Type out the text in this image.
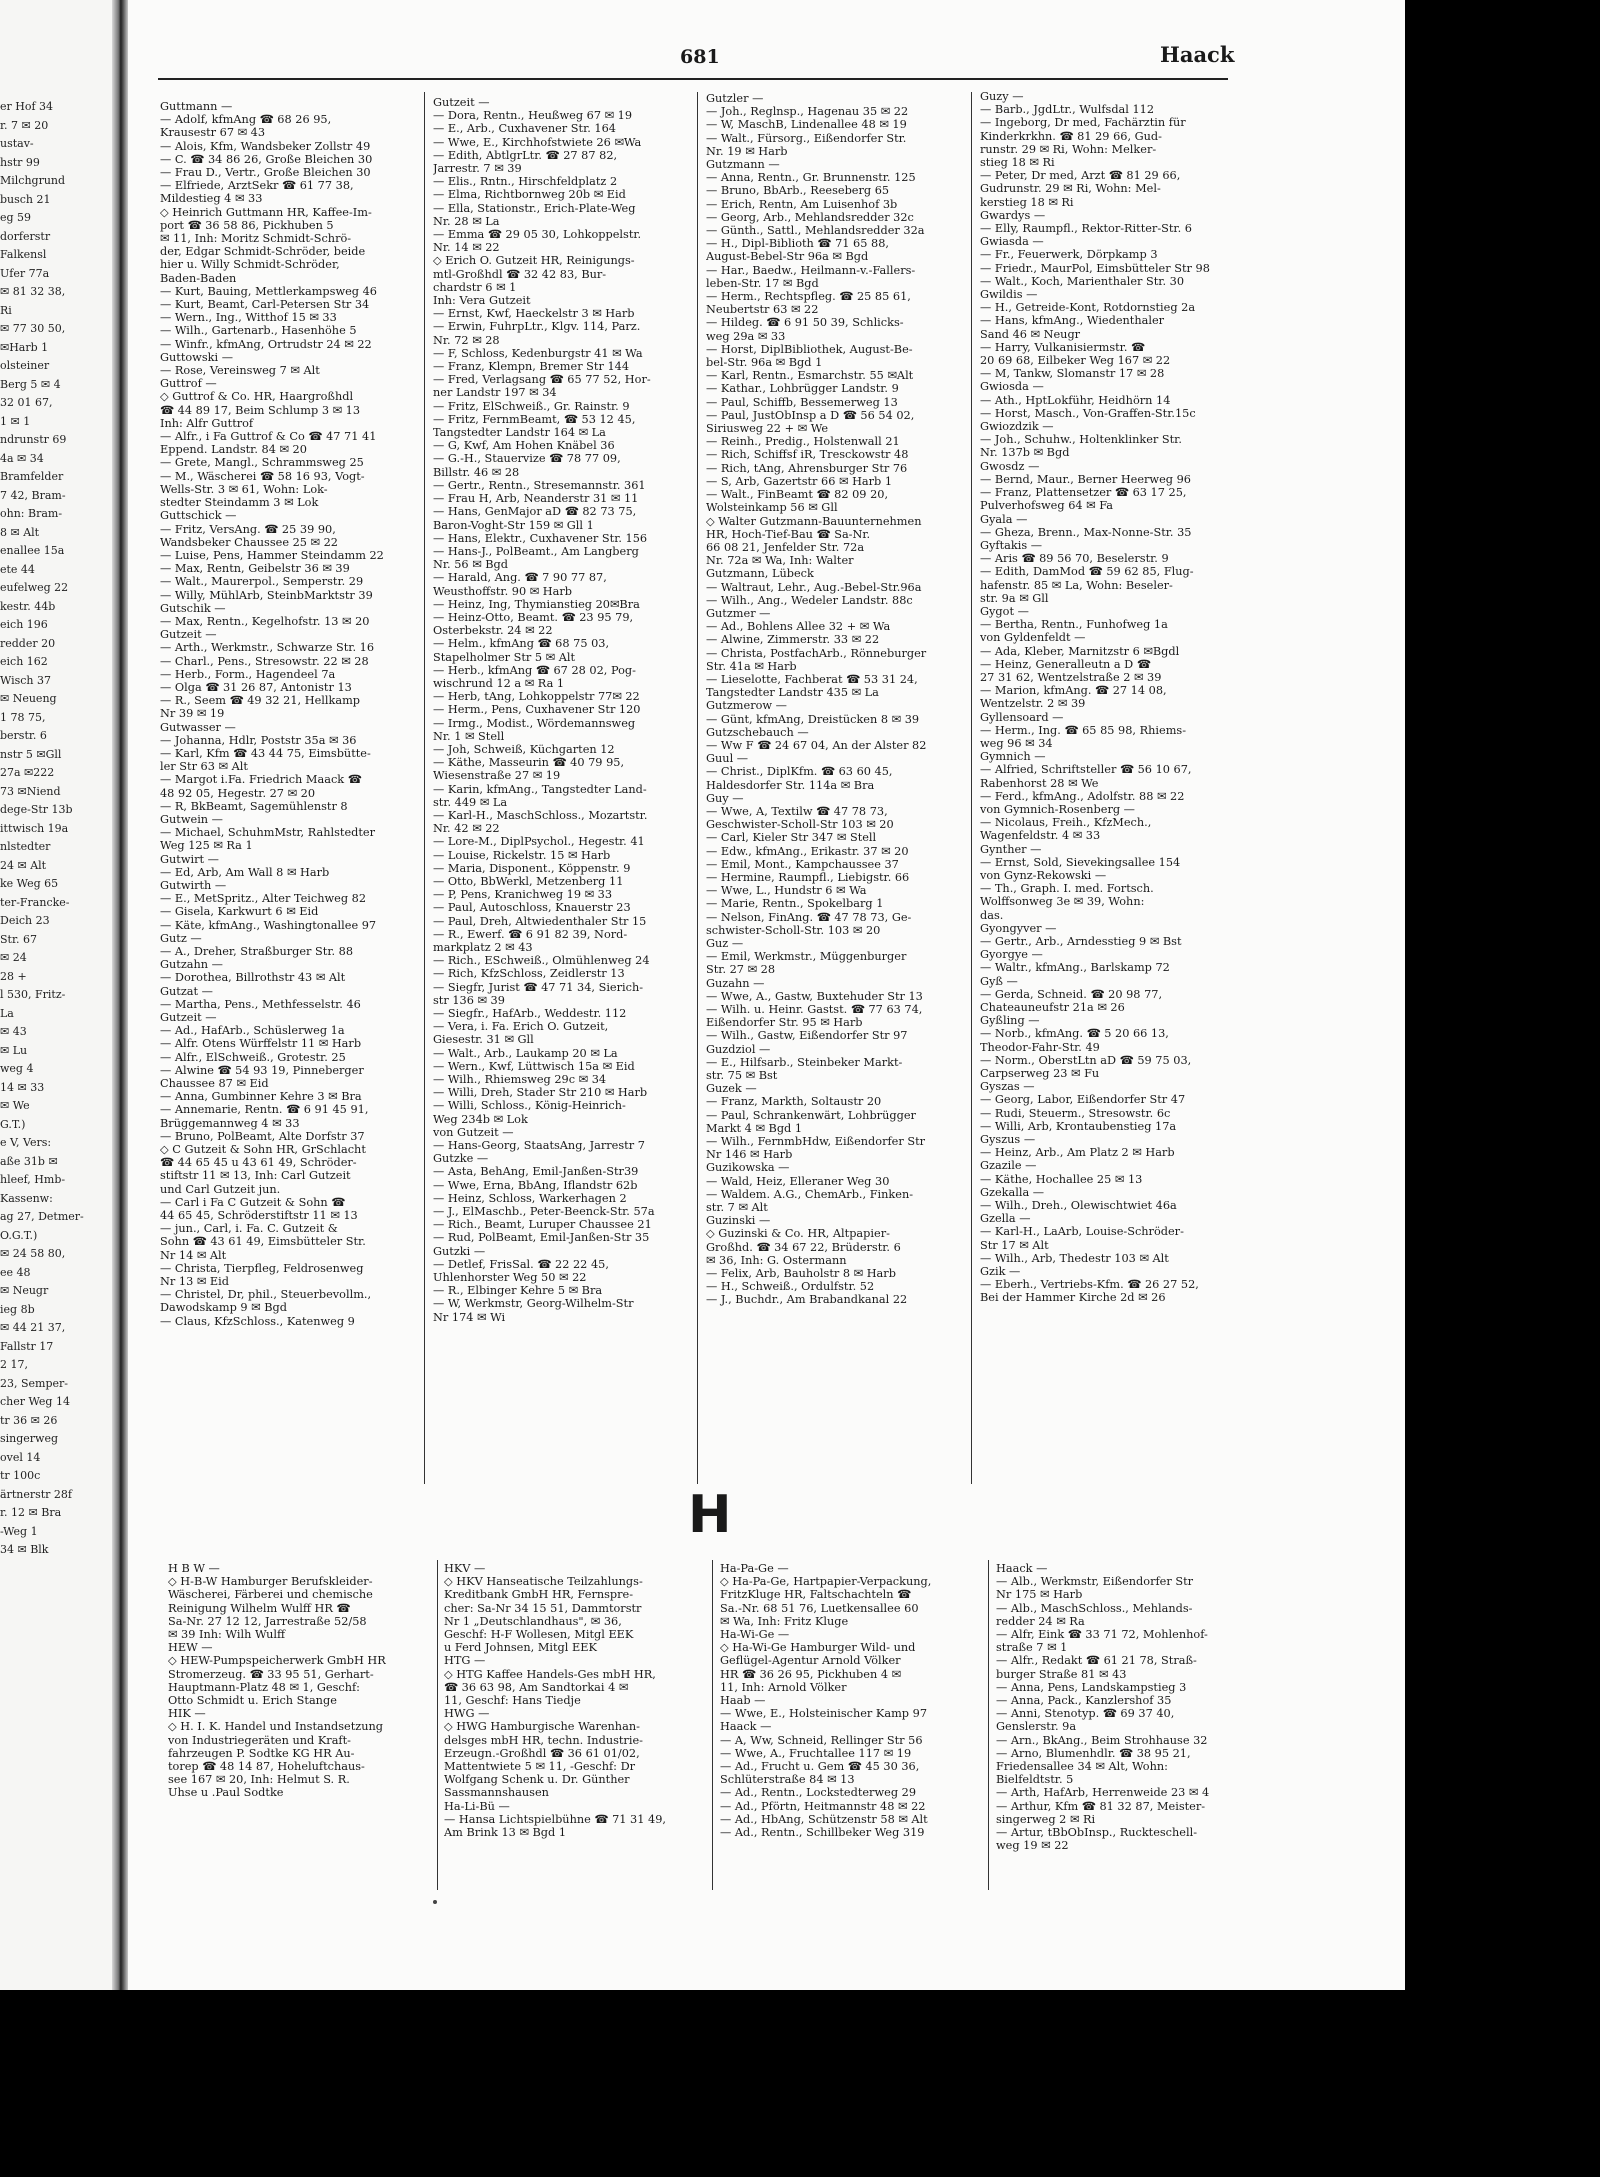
er Hof 34
r. 7 ✉ 20
ustav-
hstr 99
Milchgrund
busch 21
eg 59
dorferstr
Falkensl
Ufer 77a
✉ 81 32 38,
Ri
✉ 77 30 50,
✉Harb 1
olsteiner
Berg 5 ✉ 4
32 01 67,
1 ✉ 1
ndrunstr 69
4a ✉ 34
Bramfelder
7 42, Bram-
ohn: Bram-
8 ✉ Alt
enallee 15a
ete 44
eufelweg 22
kestr. 44b
eich 196
redder 20
eich 162
Wisch 37
✉ Neueng
1 78 75,
berstr. 6
nstr 5 ✉Gll
27a ✉222
73 ✉Niend
dege-Str 13b
ittwisch 19a
nlstedter
24 ✉ Alt
ke Weg 65
ter-Francke-
Deich 23
Str. 67
✉ 24
28 +
l 530, Fritz-
La
✉ 43
✉ Lu
weg 4
14 ✉ 33
✉ We
G.T.)
e V, Vers:
aße 31b ✉
hleef, Hmb-
Kassenw:
ag 27, Detmer-
O.G.T.)
✉ 24 58 80,
ee 48
✉ Neugr
ieg 8b
✉ 44 21 37,
Fallstr 17
2 17,
23, Semper-
cher Weg 14
tr 36 ✉ 26
singerweg
ovel 14
tr 100c
ärtnerstr 28f
r. 12 ✉ Bra
-Weg 1
34 ✉ Blk
681	Haack
Guttmann —
— Adolf, kfmAng ☎ 68 26 95,
Krausestr 67 ✉ 43
— Alois, Kfm, Wandsbeker Zollstr 49
— C. ☎ 34 86 26, Große Bleichen 30
— Frau D., Vertr., Große Bleichen 30
— Elfriede, ArztSekr ☎ 61 77 38,
Mildestieg 4 ✉ 33
◇ Heinrich Guttmann HR, Kaffee-Im-
port ☎ 36 58 86, Pickhuben 5
✉ 11, Inh: Moritz Schmidt-Schrö-
der, Edgar Schmidt-Schröder, beide
hier u. Willy Schmidt-Schröder,
Baden-Baden
— Kurt, Bauing, Mettlerkampsweg 46
— Kurt, Beamt, Carl-Petersen Str 34
— Wern., Ing., Witthof 15 ✉ 33
— Wilh., Gartenarb., Hasenhöhe 5
— Winfr., kfmAng, Ortrudstr 24 ✉ 22
Guttowski —
— Rose, Vereinsweg 7 ✉ Alt
Guttrof —
◇ Guttrof & Co. HR, Haargroßhdl
☎ 44 89 17, Beim Schlump 3 ✉ 13
Inh: Alfr Guttrof
— Alfr., i Fa Guttrof & Co ☎ 47 71 41
Eppend. Landstr. 84 ✉ 20
— Grete, Mangl., Schrammsweg 25
— M., Wäscherei ☎ 58 16 93, Vogt-
Wells-Str. 3 ✉ 61, Wohn: Lok-
stedter Steindamm 3 ✉ Lok
Guttschick —
— Fritz, VersAng. ☎ 25 39 90,
Wandsbeker Chaussee 25 ✉ 22
— Luise, Pens, Hammer Steindamm 22
— Max, Rentn, Geibelstr 36 ✉ 39
— Walt., Maurerpol., Semperstr. 29
— Willy, MühlArb, SteinbMarktstr 39
Gutschik —
— Max, Rentn., Kegelhofstr. 13 ✉ 20
Gutzeit —
— Arth., Werkmstr., Schwarze Str. 16
— Charl., Pens., Stresowstr. 22 ✉ 28
— Herb., Form., Hagendeel 7a
— Olga ☎ 31 26 87, Antonistr 13
— R., Seem ☎ 49 32 21, Hellkamp
Nr 39 ✉ 19
Gutwasser —
— Johanna, Hdlr, Poststr 35a ✉ 36
— Karl, Kfm ☎ 43 44 75, Eimsbütte-
ler Str 63 ✉ Alt
— Margot i.Fa. Friedrich Maack ☎
48 92 05, Hegestr. 27 ✉ 20
— R, BkBeamt, Sagemühlenstr 8
Gutwein —
— Michael, SchuhmMstr, Rahlstedter
Weg 125 ✉ Ra 1
Gutwirt —
— Ed, Arb, Am Wall 8 ✉ Harb
Gutwirth —
— E., MetSpritz., Alter Teichweg 82
— Gisela, Karkwurt 6 ✉ Eid
— Käte, kfmAng., Washingtonallee 97
Gutz —
— A., Dreher, Straßburger Str. 88
Gutzahn —
— Dorothea, Billrothstr 43 ✉ Alt
Gutzat —
— Martha, Pens., Methfesselstr. 46
Gutzeit —
— Ad., HafArb., Schüslerweg 1a
— Alfr. Otens Würffelstr 11 ✉ Harb
— Alfr., ElSchweiß., Grotestr. 25
— Alwine ☎ 54 93 19, Pinneberger
Chaussee 87 ✉ Eid
— Anna, Gumbinner Kehre 3 ✉ Bra
— Annemarie, Rentn. ☎ 6 91 45 91,
Brüggemannweg 4 ✉ 33
— Bruno, PolBeamt, Alte Dorfstr 37
◇ C Gutzeit & Sohn HR, GrSchlacht
☎ 44 65 45 u 43 61 49, Schröder-
stiftstr 11 ✉ 13, Inh: Carl Gutzeit
und Carl Gutzeit jun.
— Carl i Fa C Gutzeit & Sohn ☎
44 65 45, Schröderstiftstr 11 ✉ 13
— jun., Carl, i. Fa. C. Gutzeit &
Sohn ☎ 43 61 49, Eimsbütteler Str.
Nr 14 ✉ Alt
— Christa, Tierpfleg, Feldrosenweg
Nr 13 ✉ Eid
— Christel, Dr, phil., Steuerbevollm.,
Dawodskamp 9 ✉ Bgd
— Claus, KfzSchloss., Katenweg 9
Gutzeit —
— Dora, Rentn., Heußweg 67 ✉ 19
— E., Arb., Cuxhavener Str. 164
— Wwe, E., Kirchhofstwiete 26 ✉Wa
— Edith, AbtlgrLtr. ☎ 27 87 82,
Jarrestr. 7 ✉ 39
— Elis., Rntn., Hirschfeldplatz 2
— Elma, Richtbornweg 20b ✉ Eid
— Ella, Stationstr., Erich-Plate-Weg
Nr. 28 ✉ La
— Emma ☎ 29 05 30, Lohkoppelstr.
Nr. 14 ✉ 22
◇ Erich O. Gutzeit HR, Reinigungs-
mtl-Großhdl ☎ 32 42 83, Bur-
chardstr 6 ✉ 1
Inh: Vera Gutzeit
— Ernst, Kwf, Haeckelstr 3 ✉ Harb
— Erwin, FuhrpLtr., Klgv. 114, Parz.
Nr. 72 ✉ 28
— F, Schloss, Kedenburgstr 41 ✉ Wa
— Franz, Klempn, Bremer Str 144
— Fred, Verlagsang ☎ 65 77 52, Hor-
ner Landstr 197 ✉ 34
— Fritz, ElSchweiß., Gr. Rainstr. 9
— Fritz, FernmBeamt, ☎ 53 12 45,
Tangstedter Landstr 164 ✉ La
— G, Kwf, Am Hohen Knäbel 36
— G.-H., Stauervize ☎ 78 77 09,
Billstr. 46 ✉ 28
— Gertr., Rentn., Stresemannstr. 361
— Frau H, Arb, Neanderstr 31 ✉ 11
— Hans, GenMajor aD ☎ 82 73 75,
Baron-Voght-Str 159 ✉ Gll 1
— Hans, Elektr., Cuxhavener Str. 156
— Hans-J., PolBeamt., Am Langberg
Nr. 56 ✉ Bgd
— Harald, Ang. ☎ 7 90 77 87,
Weusthoffstr. 90 ✉ Harb
— Heinz, Ing, Thymianstieg 20✉Bra
— Heinz-Otto, Beamt. ☎ 23 95 79,
Osterbekstr. 24 ✉ 22
— Helm., kfmAng ☎ 68 75 03,
Stapelholmer Str 5 ✉ Alt
— Herb., kfmAng ☎ 67 28 02, Pog-
wischrund 12 a ✉ Ra 1
— Herb, tAng, Lohkoppelstr 77✉ 22
— Herm., Pens, Cuxhavener Str 120
— Irmg., Modist., Wördemannsweg
Nr. 1 ✉ Stell
— Joh, Schweiß, Küchgarten 12
— Käthe, Masseurin ☎ 40 79 95,
Wiesenstraße 27 ✉ 19
— Karin, kfmAng., Tangstedter Land-
str. 449 ✉ La
— Karl-H., MaschSchloss., Mozartstr.
Nr. 42 ✉ 22
— Lore-M., DiplPsychol., Hegestr. 41
— Louise, Rickelstr. 15 ✉ Harb
— Maria, Disponent., Köppenstr. 9
— Otto, BbWerkl, Metzenberg 11
— P, Pens, Kranichweg 19 ✉ 33
— Paul, Autoschloss, Knauerstr 23
— Paul, Dreh, Altwiedenthaler Str 15
— R., Ewerf. ☎ 6 91 82 39, Nord-
markplatz 2 ✉ 43
— Rich., ESchweiß., Olmühlenweg 24
— Rich, KfzSchloss, Zeidlerstr 13
— Siegfr, Jurist ☎ 47 71 34, Sierich-
str 136 ✉ 39
— Siegfr., HafArb., Weddestr. 112
— Vera, i. Fa. Erich O. Gutzeit,
Giesestr. 31 ✉ Gll
— Walt., Arb., Laukamp 20 ✉ La
— Wern., Kwf, Lüttwisch 15a ✉ Eid
— Wilh., Rhiemsweg 29c ✉ 34
— Willi, Dreh, Stader Str 210 ✉ Harb
— Willi, Schloss., König-Heinrich-
Weg 234b ✉ Lok
von Gutzeit —
— Hans-Georg, StaatsAng, Jarrestr 7
Gutzke —
— Asta, BehAng, Emil-Janßen-Str39
— Wwe, Erna, BbAng, Iflandstr 62b
— Heinz, Schloss, Warkerhagen 2
— J., ElMaschb., Peter-Beenck-Str. 57a
— Rich., Beamt, Luruper Chaussee 21
— Rud, PolBeamt, Emil-Janßen-Str 35
Gutzki —
— Detlef, FrisSal. ☎ 22 22 45,
Uhlenhorster Weg 50 ✉ 22
— R., Elbinger Kehre 5 ✉ Bra
— W, Werkmstr, Georg-Wilhelm-Str
Nr 174 ✉ Wi
Gutzler —
— Joh., Reglnsp., Hagenau 35 ✉ 22
— W, MaschB, Lindenallee 48 ✉ 19
— Walt., Fürsorg., Eißendorfer Str.
Nr. 19 ✉ Harb
Gutzmann —
— Anna, Rentn., Gr. Brunnenstr. 125
— Bruno, BbArb., Reeseberg 65
— Erich, Rentn, Am Luisenhof 3b
— Georg, Arb., Mehlandsredder 32c
— Günth., Sattl., Mehlandsredder 32a
— H., Dipl-Biblioth ☎ 71 65 88,
August-Bebel-Str 96a ✉ Bgd
— Har., Baedw., Heilmann-v.-Fallers-
leben-Str. 17 ✉ Bgd
— Herm., Rechtspfleg. ☎ 25 85 61,
Neubertstr 63 ✉ 22
— Hildeg. ☎ 6 91 50 39, Schlicks-
weg 29a ✉ 33
— Horst, DiplBibliothek, August-Be-
bel-Str. 96a ✉ Bgd 1
— Karl, Rentn., Esmarchstr. 55 ✉Alt
— Kathar., Lohbrügger Landstr. 9
— Paul, Schiffb, Bessemerweg 13
— Paul, JustObInsp a D ☎ 56 54 02,
Siriusweg 22 + ✉ We
— Reinh., Predig., Holstenwall 21
— Rich, Schiffsf iR, Tresckowstr 48
— Rich, tAng, Ahrensburger Str 76
— S, Arb, Gazertstr 66 ✉ Harb 1
— Walt., FinBeamt ☎ 82 09 20,
Wolsteinkamp 56 ✉ Gll
◇ Walter Gutzmann-Bauunternehmen
HR, Hoch-Tief-Bau ☎ Sa-Nr.
66 08 21, Jenfelder Str. 72a
Nr. 72a ✉ Wa, Inh: Walter
Gutzmann, Lübeck
— Waltraut, Lehr., Aug.-Bebel-Str.96a
— Wilh., Ang., Wedeler Landstr. 88c
Gutzmer —
— Ad., Bohlens Allee 32 + ✉ Wa
— Alwine, Zimmerstr. 33 ✉ 22
— Christa, PostfachArb., Rönneburger
Str. 41a ✉ Harb
— Lieselotte, Fachberat ☎ 53 31 24,
Tangstedter Landstr 435 ✉ La
Gutzmerow —
— Günt, kfmAng, Dreistücken 8 ✉ 39
Gutzschebauch —
— Ww F ☎ 24 67 04, An der Alster 82
Guul —
— Christ., DiplKfm. ☎ 63 60 45,
Haldesdorfer Str. 114a ✉ Bra
Guy —
— Wwe, A, Textilw ☎ 47 78 73,
Geschwister-Scholl-Str 103 ✉ 20
— Carl, Kieler Str 347 ✉ Stell
— Edw., kfmAng., Erikastr. 37 ✉ 20
— Emil, Mont., Kampchaussee 37
— Hermine, Raumpfl., Liebigstr. 66
— Wwe, L., Hundstr 6 ✉ Wa
— Marie, Rentn., Spokelbarg 1
— Nelson, FinAng. ☎ 47 78 73, Ge-
schwister-Scholl-Str. 103 ✉ 20
Guz —
— Emil, Werkmstr., Müggenburger
Str. 27 ✉ 28
Guzahn —
— Wwe, A., Gastw, Buxtehuder Str 13
— Wilh. u. Heinr. Gastst. ☎ 77 63 74,
Eißendorfer Str. 95 ✉ Harb
— Wilh., Gastw, Eißendorfer Str 97
Guzdziol —
— E., Hilfsarb., Steinbeker Markt-
str. 75 ✉ Bst
Guzek —
— Franz, Markth, Soltaustr 20
— Paul, Schrankenwärt, Lohbrügger
Markt 4 ✉ Bgd 1
— Wilh., FernmbHdw, Eißendorfer Str
Nr 146 ✉ Harb
Guzikowska —
— Wald, Heiz, Elleraner Weg 30
— Waldem. A.G., ChemArb., Finken-
str. 7 ✉ Alt
Guzinski —
◇ Guzinski & Co. HR, Altpapier-
Großhd. ☎ 34 67 22, Brüderstr. 6
✉ 36, Inh: G. Ostermann
— Felix, Arb, Bauholstr 8 ✉ Harb
— H., Schweiß., Ordulfstr. 52
— J., Buchdr., Am Brabandkanal 22
Guzy —
— Barb., JgdLtr., Wulfsdal 112
— Ingeborg, Dr med, Fachärztin für
Kinderkrkhn. ☎ 81 29 66, Gud-
runstr. 29 ✉ Ri, Wohn: Melker-
stieg 18 ✉ Ri
— Peter, Dr med, Arzt ☎ 81 29 66,
Gudrunstr. 29 ✉ Ri, Wohn: Mel-
kerstieg 18 ✉ Ri
Gwardys —
— Elly, Raumpfl., Rektor-Ritter-Str. 6
Gwiasda —
— Fr., Feuerwerk, Dörpkamp 3
— Friedr., MaurPol, Eimsbütteler Str 98
— Walt., Koch, Marienthaler Str. 30
Gwildis —
— H., Getreide-Kont, Rotdornstieg 2a
— Hans, kfmAng., Wiedenthaler
Sand 46 ✉ Neugr
— Harry, Vulkanisiermstr. ☎
20 69 68, Eilbeker Weg 167 ✉ 22
— M, Tankw, Slomanstr 17 ✉ 28
Gwiosda —
— Ath., HptLokführ, Heidhörn 14
— Horst, Masch., Von-Graffen-Str.15c
Gwiozdzik —
— Joh., Schuhw., Holtenklinker Str.
Nr. 137b ✉ Bgd
Gwosdz —
— Bernd, Maur., Berner Heerweg 96
— Franz, Plattensetzer ☎ 63 17 25,
Pulverhofsweg 64 ✉ Fa
Gyala —
— Gheza, Brenn., Max-Nonne-Str. 35
Gyftakis —
— Aris ☎ 89 56 70, Beselerstr. 9
— Edith, DamMod ☎ 59 62 85, Flug-
hafenstr. 85 ✉ La, Wohn: Beseler-
str. 9a ✉ Gll
Gygot —
— Bertha, Rentn., Funhofweg 1a
von Gyldenfeldt —
— Ada, Kleber, Marnitzstr 6 ✉Bgdl
— Heinz, Generalleutn a D ☎
27 31 62, Wentzelstraße 2 ✉ 39
— Marion, kfmAng. ☎ 27 14 08,
Wentzelstr. 2 ✉ 39
Gyllensoard —
— Herm., Ing. ☎ 65 85 98, Rhiems-
weg 96 ✉ 34
Gymnich —
— Alfried, Schriftsteller ☎ 56 10 67,
Rabenhorst 28 ✉ We
— Ferd., kfmAng., Adolfstr. 88 ✉ 22
von Gymnich-Rosenberg —
— Nicolaus, Freih., KfzMech.,
Wagenfeldstr. 4 ✉ 33
Gynther —
— Ernst, Sold, Sievekingsallee 154
von Gynz-Rekowski —
— Th., Graph. I. med. Fortsch.
Wolffsonweg 3e ✉ 39, Wohn:
das.
Gyongyver —
— Gertr., Arb., Arndesstieg 9 ✉ Bst
Gyorgye —
— Waltr., kfmAng., Barlskamp 72
Gyß —
— Gerda, Schneid. ☎ 20 98 77,
Chateauneufstr 21a ✉ 26
Gyßling —
— Norb., kfmAng. ☎ 5 20 66 13,
Theodor-Fahr-Str. 49
— Norm., OberstLtn aD ☎ 59 75 03,
Carpserweg 23 ✉ Fu
Gyszas —
— Georg, Labor, Eißendorfer Str 47
— Rudi, Steuerm., Stresowstr. 6c
— Willi, Arb, Krontaubenstieg 17a
Gyszus —
— Heinz, Arb., Am Platz 2 ✉ Harb
Gzazile —
— Käthe, Hochallee 25 ✉ 13
Gzekalla —
— Wilh., Dreh., Olewischtwiet 46a
Gzella —
— Karl-H., LaArb, Louise-Schröder-
Str 17 ✉ Alt
— Wilh., Arb, Thedestr 103 ✉ Alt
Gzik —
— Eberh., Vertriebs-Kfm. ☎ 26 27 52,
Bei der Hammer Kirche 2d ✉ 26
H
H B W —
◇ H-B-W Hamburger Berufskleider-
Wäscherei, Färberei und chemische
Reinigung Wilhelm Wulff HR ☎
Sa-Nr. 27 12 12, Jarrestraße 52/58
✉ 39 Inh: Wilh Wulff
HEW —
◇ HEW-Pumpspeicherwerk GmbH HR
Stromerzeug. ☎ 33 95 51, Gerhart-
Hauptmann-Platz 48 ✉ 1, Geschf:
Otto Schmidt u. Erich Stange
HIK —
◇ H. I. K. Handel und Instandsetzung
von Industriegeräten und Kraft-
fahrzeugen P. Sodtke KG HR Au-
torep ☎ 48 14 87, Hoheluftchaus-
see 167 ✉ 20, Inh: Helmut S. R.
Uhse u .Paul Sodtke
HKV —
◇ HKV Hanseatische Teilzahlungs-
Kreditbank GmbH HR, Fernspre-
cher: Sa-Nr 34 15 51, Dammtorstr
Nr 1 „Deutschlandhaus", ✉ 36,
Geschf: H-F Wollesen, Mitgl EEK
u Ferd Johnsen, Mitgl EEK
HTG —
◇ HTG Kaffee Handels-Ges mbH HR,
☎ 36 63 98, Am Sandtorkai 4 ✉
11, Geschf: Hans Tiedje
HWG —
◇ HWG Hamburgische Warenhan-
delsges mbH HR, techn. Industrie-
Erzeugn.-Großhdl ☎ 36 61 01/02,
Mattentwiete 5 ✉ 11, -Geschf: Dr
Wolfgang Schenk u. Dr. Günther
Sassmannshausen
Ha-Li-Bü —
— Hansa Lichtspielbühne ☎ 71 31 49,
Am Brink 13 ✉ Bgd 1
Ha-Pa-Ge —
◇ Ha-Pa-Ge, Hartpapier-Verpackung,
FritzKluge HR, Faltschachteln ☎
Sa.-Nr. 68 51 76, Luetkensallee 60
✉ Wa, Inh: Fritz Kluge
Ha-Wi-Ge —
◇ Ha-Wi-Ge Hamburger Wild- und
Geflügel-Agentur Arnold Völker
HR ☎ 36 26 95, Pickhuben 4 ✉
11, Inh: Arnold Völker
Haab —
— Wwe, E., Holsteinischer Kamp 97
Haack —
— A, Ww, Schneid, Rellinger Str 56
— Wwe, A., Fruchtallee 117 ✉ 19
— Ad., Frucht u. Gem ☎ 45 30 36,
Schlüterstraße 84 ✉ 13
— Ad., Rentn., Lockstedterweg 29
— Ad., Pförtn, Heitmannstr 48 ✉ 22
— Ad., HbAng, Schützenstr 58 ✉ Alt
— Ad., Rentn., Schillbeker Weg 319
Haack —
— Alb., Werkmstr, Eißendorfer Str
Nr 175 ✉ Harb
— Alb., MaschSchloss., Mehlands-
redder 24 ✉ Ra
— Alfr, Eink ☎ 33 71 72, Mohlenhof-
straße 7 ✉ 1
— Alfr., Redakt ☎ 61 21 78, Straß-
burger Straße 81 ✉ 43
— Anna, Pens, Landskampstieg 3
— Anna, Pack., Kanzlershof 35
— Anni, Stenotyp. ☎ 69 37 40,
Genslerstr. 9a
— Arn., BkAng., Beim Strohhause 32
— Arno, Blumenhdlr. ☎ 38 95 21,
Friedensallee 34 ✉ Alt, Wohn:
Bielfeldtstr. 5
— Arth, HafArb, Herrenweide 23 ✉ 4
— Arthur, Kfm ☎ 81 32 87, Meister-
singerweg 2 ✉ Ri
— Artur, tBbObInsp., Ruckteschell-
weg 19 ✉ 22
